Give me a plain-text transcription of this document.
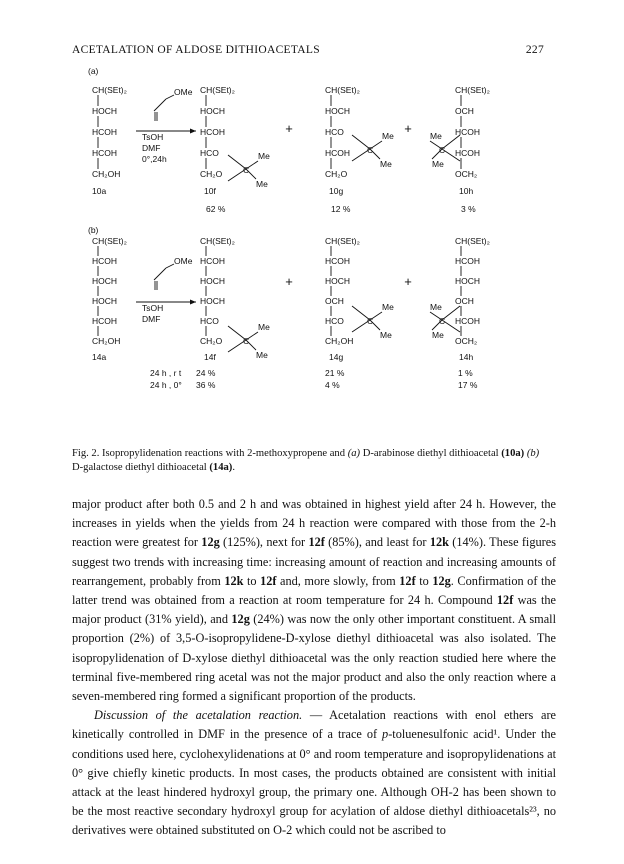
ACETALATION OF ALDOSE DITHIOACETALS	227
(a)
CH(SEt)₂
HOCH
HCOH
HCOH
CH₂OH
OMe
TsOH
DMF
0°,24h
10a
CH(SEt)₂
HOCH
HCOH
HCO
CH₂O
10f
62 %
CH(SEt)₂
HOCH
HCO
HCOH
CH₂O
10g
12 %
CH(SEt)₂
OCH
HCOH
HCOH
OCH₂
10h
3 %
C
Me
Me
C
Me
Me
C
Me
Me
+	+
(b)
CH(SEt)₂
HCOH
HOCH
HOCH
HCOH
CH₂OH
OMe
TsOH
DMF
14a
CH(SEt)₂
HCOH
HOCH
HOCH
HCO
CH₂O
14f
CH(SEt)₂
HCOH
HOCH
OCH
HCO
CH₂OH
14g
CH(SEt)₂
HCOH
HOCH
OCH
HCOH
OCH₂
14h
C
Me
Me
C
Me
Me
C
Me
Me
+	+
24 h , r t 24 %	21 %	1 %
24 h , 0° 36 %	4 %	17 %
Fig. 2. Isopropylidenation reactions with 2-methoxypropene and (a) D-arabinose diethyl dithioacetal (10a) (b) D-galactose diethyl dithioacetal (14a).

major product after both 0.5 and 2 h and was obtained in highest yield after 24 h. However, the increases in yields when the yields from 24 h reaction were compared with those from the 2-h reaction were greatest for 12g (125%), next for 12f (85%), and least for 12k (14%). These figures suggest two trends with increasing time: increasing amount of reaction and increasing amounts of rearrangement, probably from 12k to 12f and, more slowly, from 12f to 12g. Confirmation of the latter trend was obtained from a reaction at room temperature for 24 h. Compound 12f was the major product (31% yield), and 12g (24%) was now the only other important constituent. A small proportion (2%) of 3,5-O-isopropylidene-D-xylose diethyl dithioacetal was also isolated. The isopropylidenation of D-xylose diethyl dithioacetal was the only reaction studied here where the terminal five-membered ring acetal was not the major product and also the only reaction where a seven-membered ring formed a significant proportion of the products.

Discussion of the acetalation reaction. — Acetalation reactions with enol ethers are kinetically controlled in DMF in the presence of a trace of p-toluenesulfonic acid¹. Under the conditions used here, cyclohexylidenations at 0° and room temperature and isopropylidenations at 0° give chiefly kinetic products. In most cases, the products obtained are consistent with initial attack at the least hindered hydroxyl group, the primary one. Although OH-2 has been shown to be the most reactive secondary hydroxyl group for acylation of aldose diethyl dithioacetals²³, no derivatives were obtained substituted on O-2 which could not be ascribed to
